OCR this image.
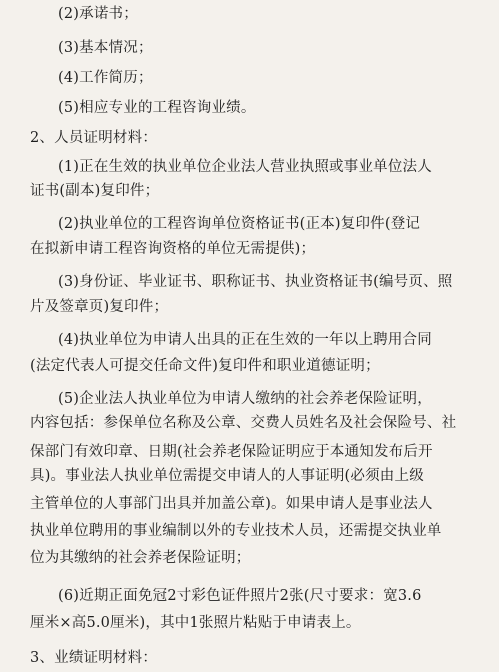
(2)承诺书；
(3)基本情况；
(4)工作简历；
(5)相应专业的工程咨询业绩。
2、人员证明材料：
(1)正在生效的执业单位企业法人营业执照或事业单位法人
证书(副本)复印件；
(2)执业单位的工程咨询单位资格证书(正本)复印件(登记
在拟新申请工程咨询资格的单位无需提供)；
(3)身份证、毕业证书、职称证书、执业资格证书(编号页、照
片及签章页)复印件；
(4)执业单位为申请人出具的正在生效的一年以上聘用合同
(法定代表人可提交任命文件)复印件和职业道德证明；
(5)企业法人执业单位为申请人缴纳的社会养老保险证明，
内容包括：参保单位名称及公章、交费人员姓名及社会保险号、社
保部门有效印章、日期(社会养老保险证明应于本通知发布后开
具)。事业法人执业单位需提交申请人的人事证明(必须由上级
主管单位的人事部门出具并加盖公章)。如果申请人是事业法人
执业单位聘用的事业编制以外的专业技术人员，还需提交执业单
位为其缴纳的社会养老保险证明；
(6)近期正面免冠2寸彩色证件照片2张(尺寸要求：宽3.6
厘米×高5.0厘米)，其中1张照片粘贴于申请表上。
3、业绩证明材料：
